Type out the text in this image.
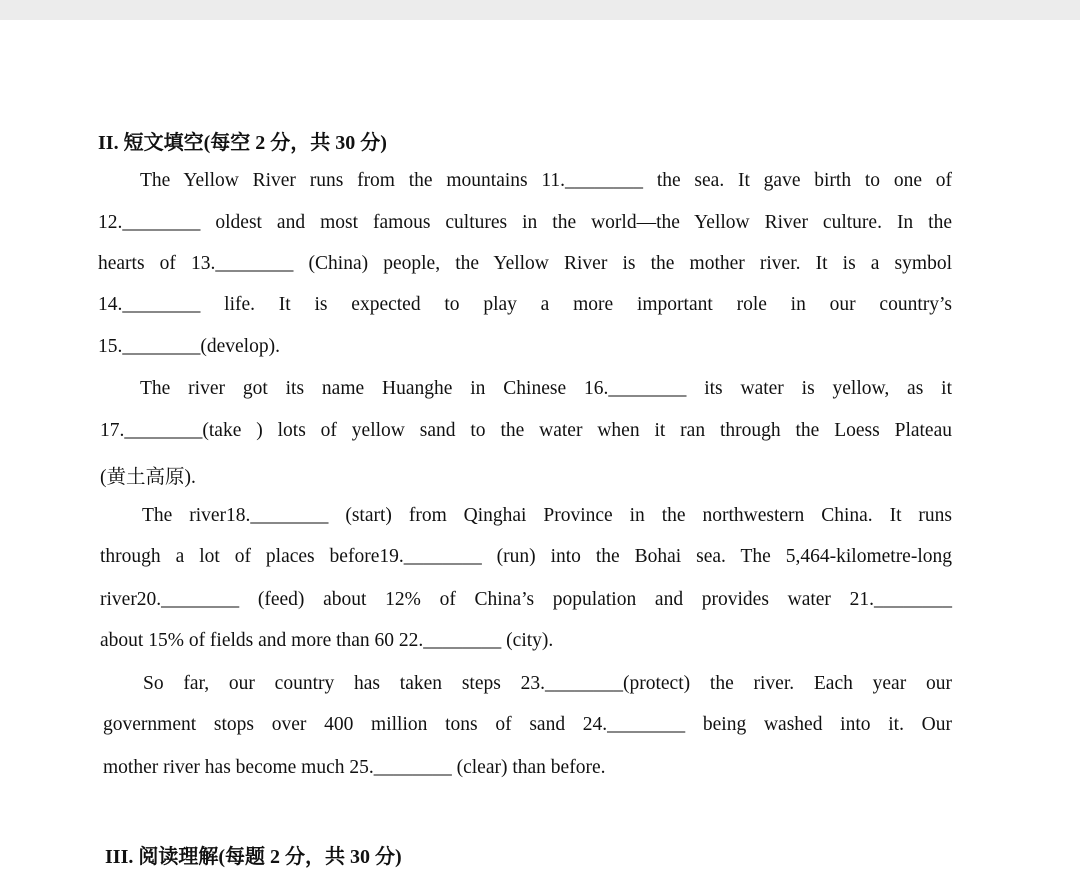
II. 短文填空(每空 2 分，共 30 分)
The Yellow River runs from the mountains 11.________ the sea. It gave birth to one of
12.________ oldest and most famous cultures in the world—the Yellow River culture. In the
hearts of 13.________ (China) people, the Yellow River is the mother river. It is a symbol
14.________ life. It is expected to play a more important role in our country’s
15.________(develop).
The river got its name Huanghe in Chinese 16.________ its water is yellow, as it
17.________(take ) lots of yellow sand to the water when it ran through the Loess Plateau
(黄土高原).
The river18.________ (start) from Qinghai Province in the northwestern China. It runs
through a lot of places before19.________ (run) into the Bohai sea. The 5,464-kilometre-long
river20.________ (feed) about 12% of China’s population and provides water 21.________
about 15% of fields and more than 60 22.________ (city).
So far, our country has taken steps 23.________(protect) the river. Each year our
government stops over 400 million tons of sand 24.________ being washed into it. Our
mother river has become much 25.________ (clear) than before.
III. 阅读理解(每题 2 分，共 30 分)
